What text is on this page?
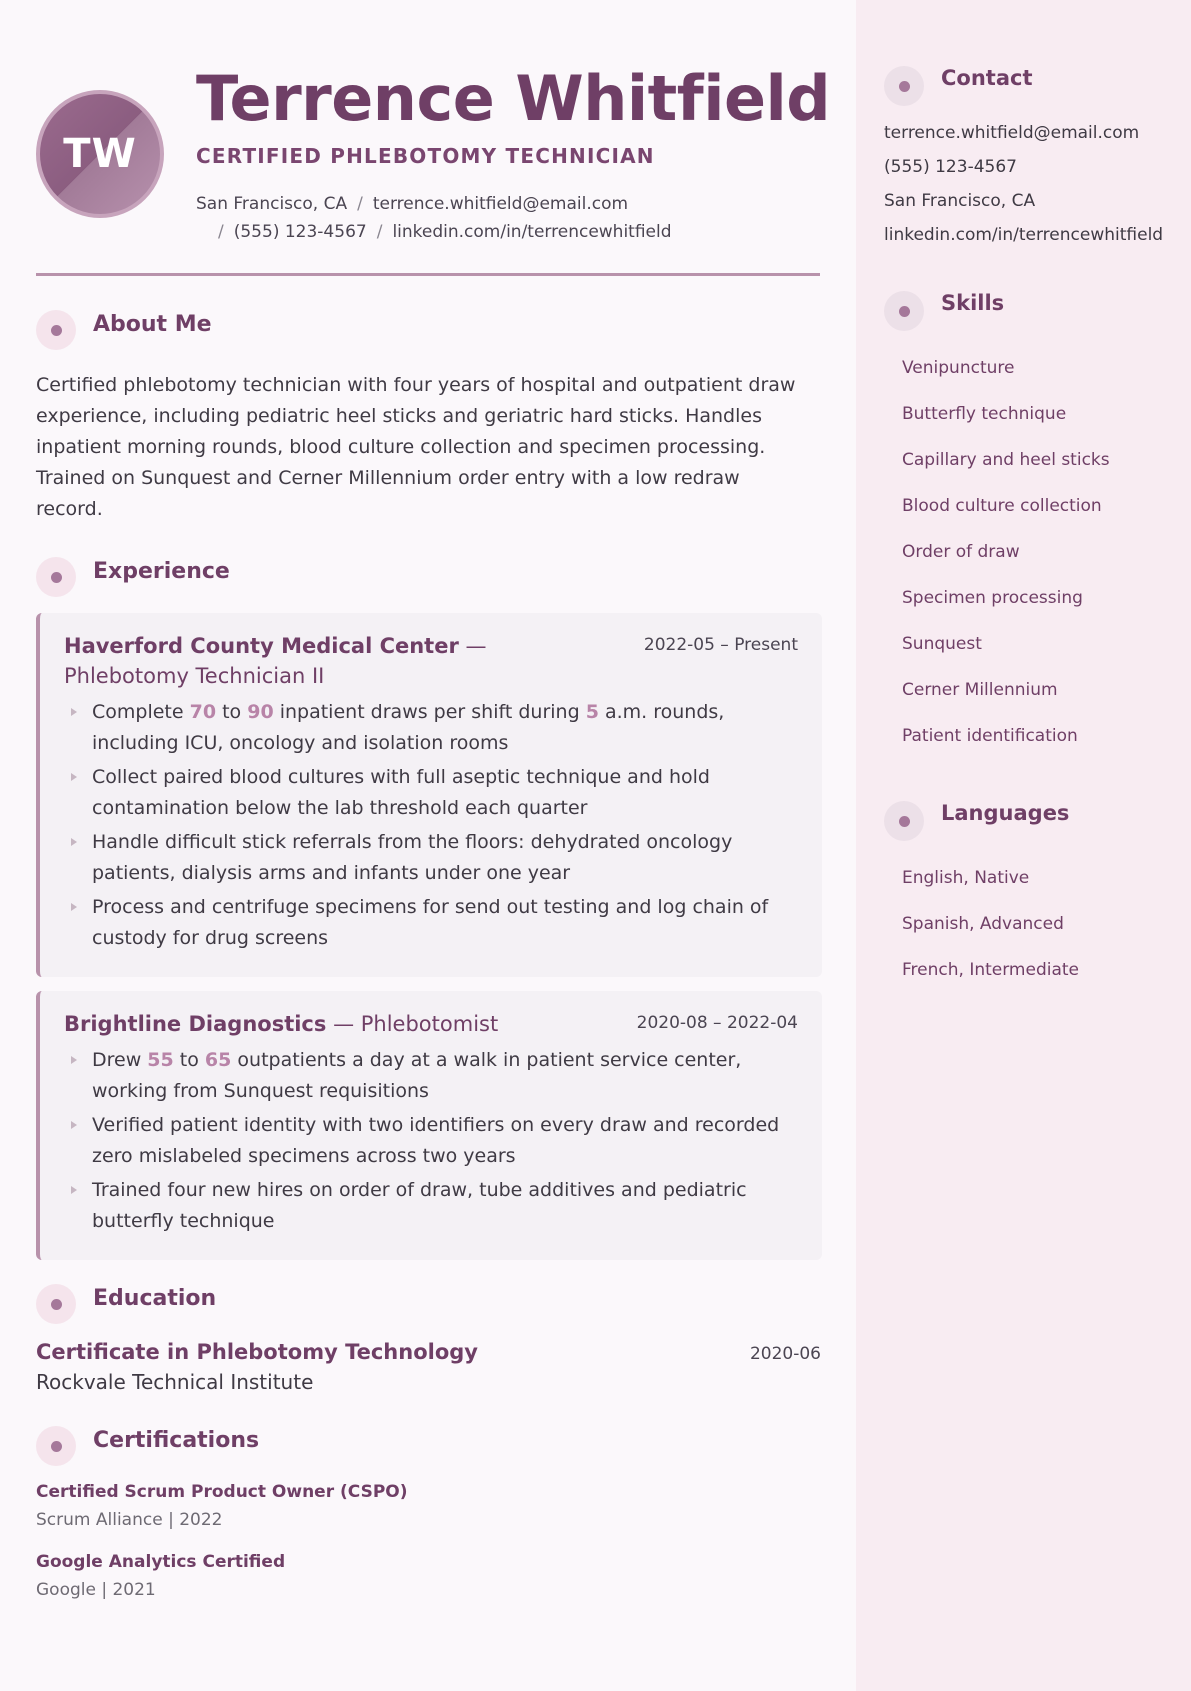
TW
Terrence Whitfield
CERTIFIED PHLEBOTOMY TECHNICIAN
San Francisco, CA / terrence.whitfield@email.com
/ (555) 123-4567 / linkedin.com/in/terrencewhitfield
About Me

Certified phlebotomy technician with four years of hospital and outpatient draw experience, including pediatric heel sticks and geriatric hard sticks. Handles inpatient morning rounds, blood culture collection and specimen processing. Trained on Sunquest and Cerner Millennium order entry with a low redraw record.

Experience
Haverford County Medical Center — Phlebotomy Technician II
2022-05 – Present
Complete 70 to 90 inpatient draws per shift during 5 a.m. rounds, including ICU, oncology and isolation rooms
Collect paired blood cultures with full aseptic technique and hold contamination below the lab threshold each quarter
Handle difficult stick referrals from the floors: dehydrated oncology patients, dialysis arms and infants under one year
Process and centrifuge specimens for send out testing and log chain of custody for drug screens
Brightline Diagnostics — Phlebotomist	2020-08 – 2022-04
Drew 55 to 65 outpatients a day at a walk in patient service center, working from Sunquest requisitions
Verified patient identity with two identifiers on every draw and recorded zero mislabeled specimens across two years
Trained four new hires on order of draw, tube additives and pediatric butterfly technique
Education
Certificate in Phlebotomy Technology	2020-06
Rockvale Technical Institute
Certifications
Certified Scrum Product Owner (CSPO)
Scrum Alliance | 2022
Google Analytics Certified
Google | 2021
Contact
terrence.whitfield@email.com
(555) 123-4567
San Francisco, CA
linkedin.com/in/terrencewhitfield
Skills
Venipuncture
Butterfly technique
Capillary and heel sticks
Blood culture collection
Order of draw
Specimen processing
Sunquest
Cerner Millennium
Patient identification
Languages
English, Native
Spanish, Advanced
French, Intermediate
